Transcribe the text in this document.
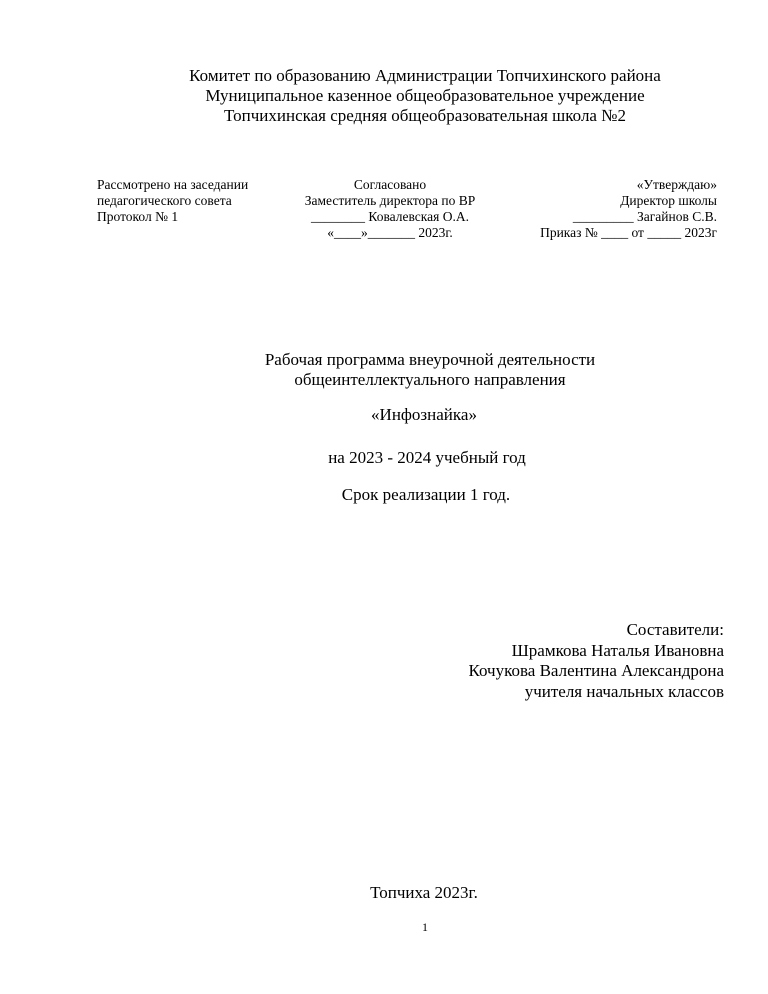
Комитет по образованию Администрации Топчихинского района
Муниципальное казенное общеобразовательное учреждение
Топчихинская средняя общеобразовательная школа №2
Рассмотрено на заседании
педагогического совета
Протокол № 1
Согласовано
Заместитель директора по ВР
________ Ковалевская О.А.
«____»_______ 2023г.
«Утверждаю»
Директор школы
_________ Загайнов С.В.
Приказ № ____ от _____ 2023г
Рабочая программа внеурочной деятельности
общеинтеллектуального направления
«Инфознайка»
на 2023 - 2024 учебный год
Срок реализации 1 год.
Составители:
Шрамкова Наталья Ивановна
Кочукова Валентина Александрона
учителя начальных классов
Топчиха 2023г.
1
